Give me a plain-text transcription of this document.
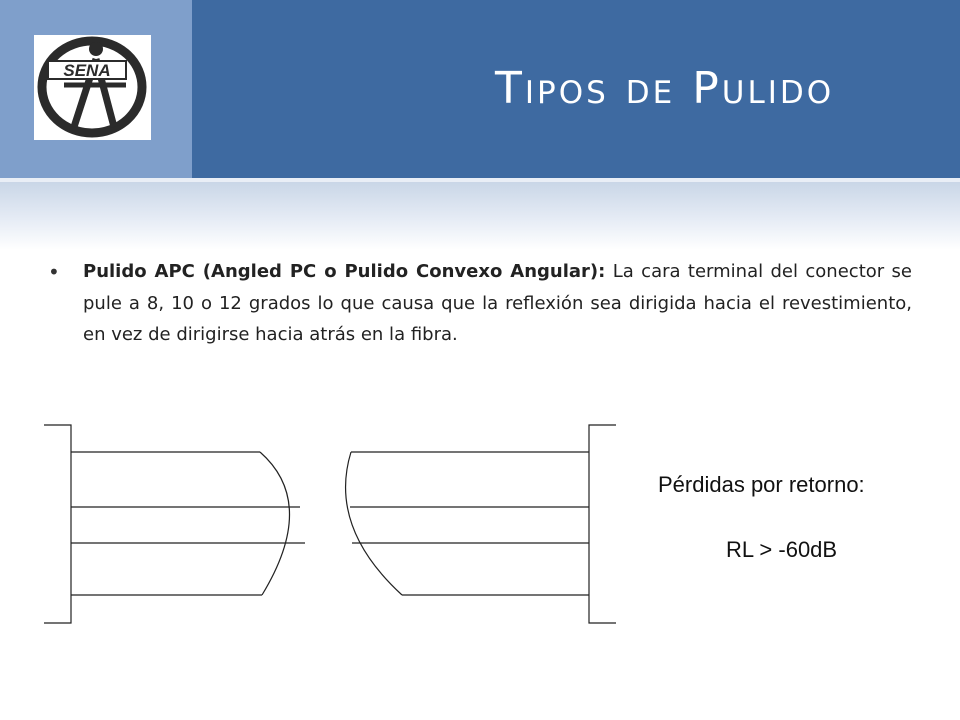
SENA	Tipos de Pulido
• Pulido APC (Angled PC o Pulido Convexo Angular): La cara terminal del conector se pule a 8, 10 o 12 grados lo que causa que la reflexión sea dirigida hacia el revestimiento, en vez de dirigirse hacia atrás en la fibra.

Pérdidas por retorno:

RL > -60dB
